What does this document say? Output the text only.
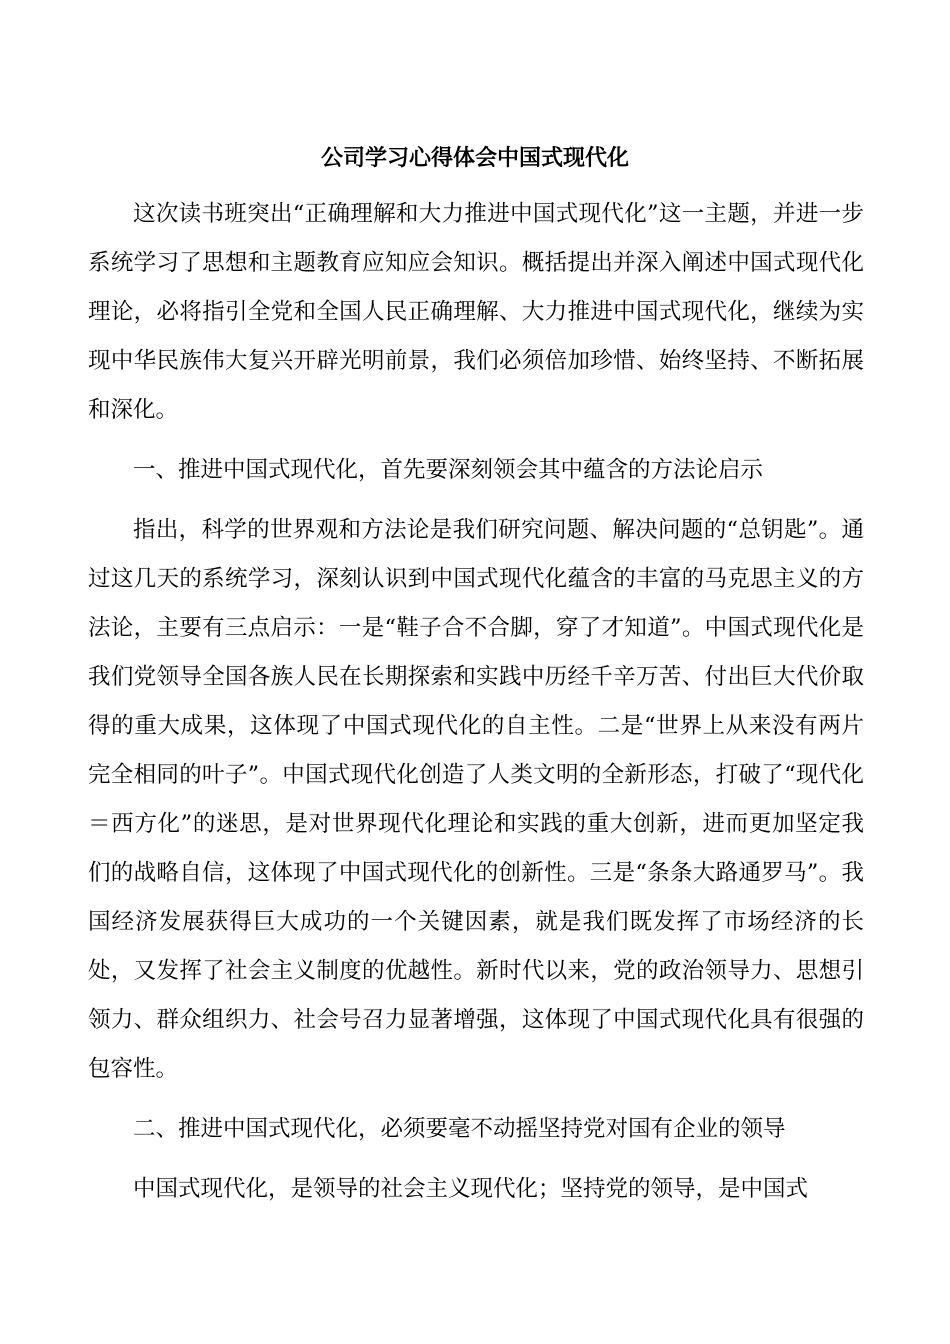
公司学习心得体会中国式现代化

这次读书班突出“正确理解和大力推进中国式现代化”这一主题，并进一步系统学习了思想和主题教育应知应会知识。概括提出并深入阐述中国式现代化理论，必将指引全党和全国人民正确理解、大力推进中国式现代化，继续为实现中华民族伟大复兴开辟光明前景，我们必须倍加珍惜、始终坚持、不断拓展和深化。

一、推进中国式现代化，首先要深刻领会其中蕴含的方法论启示

指出，科学的世界观和方法论是我们研究问题、解决问题的“总钥匙”。通过这几天的系统学习，深刻认识到中国式现代化蕴含的丰富的马克思主义的方法论，主要有三点启示：一是“鞋子合不合脚，穿了才知道”。中国式现代化是我们党领导全国各族人民在长期探索和实践中历经千辛万苦、付出巨大代价取得的重大成果，这体现了中国式现代化的自主性。二是“世界上从来没有两片完全相同的叶子”。中国式现代化创造了人类文明的全新形态，打破了“现代化＝西方化”的迷思，是对世界现代化理论和实践的重大创新，进而更加坚定我们的战略自信，这体现了中国式现代化的创新性。三是“条条大路通罗马”。我国经济发展获得巨大成功的一个关键因素，就是我们既发挥了市场经济的长处，又发挥了社会主义制度的优越性。新时代以来，党的政治领导力、思想引领力、群众组织力、社会号召力显著增强，这体现了中国式现代化具有很强的包容性。

二、推进中国式现代化，必须要毫不动摇坚持党对国有企业的领导

中国式现代化，是领导的社会主义现代化；坚持党的领导，是中国式
